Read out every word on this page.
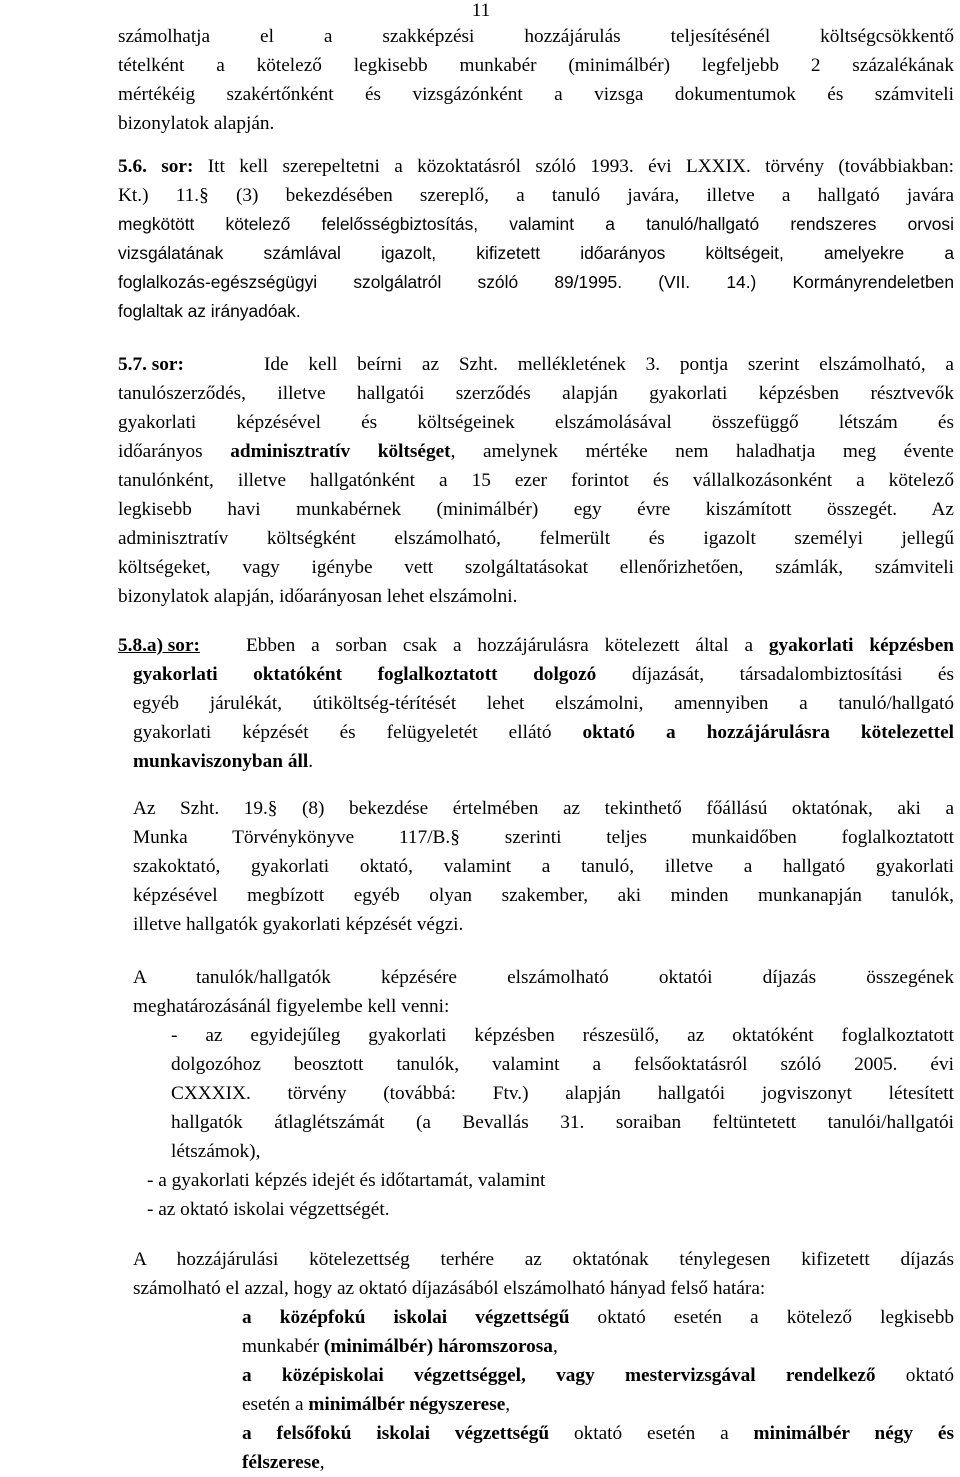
11
számolhatja el a szakképzési hozzájárulás teljesítésénél költségcsökkentő
tételként a kötelező legkisebb munkabér (minimálbér) legfeljebb 2 százalékának
mértékéig szakértőnként és vizsgázónként a vizsga dokumentumok és számviteli
bizonylatok alapján.
5.6. sor: Itt kell szerepeltetni a közoktatásról szóló 1993. évi LXXIX. törvény (továbbiakban:
Kt.) 11.§ (3) bekezdésében szereplő, a tanuló javára, illetve a hallgató javára
megkötött kötelező felelősségbiztosítás, valamint a tanuló/hallgató rendszeres orvosi
vizsgálatának számlával igazolt, kifizetett időarányos költségeit, amelyekre a
foglalkozás-egészségügyi szolgálatról szóló 89/1995. (VII. 14.) Kormányrendeletben
foglaltak az irányadóak.
5.7. sor:	Ide kell beírni az Szht. mellékletének 3. pontja szerint elszámolható, a
tanulószerződés, illetve hallgatói szerződés alapján gyakorlati képzésben résztvevők
gyakorlati képzésével és költségeinek elszámolásával összefüggő létszám és
időarányos adminisztratív költséget, amelynek mértéke nem haladhatja meg évente
tanulónként, illetve hallgatónként a 15 ezer forintot és vállalkozásonként a kötelező
legkisebb havi munkabérnek (minimálbér) egy évre kiszámított összegét. Az
adminisztratív költségként elszámolható, felmerült és igazolt személyi jellegű
költségeket, vagy igénybe vett szolgáltatásokat ellenőrizhetően, számlák, számviteli
bizonylatok alapján, időarányosan lehet elszámolni.
5.8.a) sor:	Ebben a sorban csak a hozzájárulásra kötelezett által a gyakorlati képzésben
gyakorlati oktatóként foglalkoztatott dolgozó díjazását, társadalombiztosítási és
egyéb járulékát, útiköltség-térítését lehet elszámolni, amennyiben a tanuló/hallgató
gyakorlati képzését és felügyeletét ellátó oktató a hozzájárulásra kötelezettel
munkaviszonyban áll.
Az Szht. 19.§ (8) bekezdése értelmében az tekinthető főállású oktatónak, aki a
Munka Törvénykönyve 117/B.§ szerinti teljes munkaidőben foglalkoztatott
szakoktató, gyakorlati oktató, valamint a tanuló, illetve a hallgató gyakorlati
képzésével megbízott egyéb olyan szakember, aki minden munkanapján tanulók,
illetve hallgatók gyakorlati képzését végzi.
A tanulók/hallgatók képzésére elszámolható oktatói díjazás összegének
meghatározásánál figyelembe kell venni:
- az egyidejűleg gyakorlati képzésben részesülő, az oktatóként foglalkoztatott
dolgozóhoz beosztott tanulók, valamint a felsőoktatásról szóló 2005. évi
CXXXIX. törvény (továbbá: Ftv.) alapján hallgatói jogviszonyt létesített
hallgatók átlaglétszámát (a Bevallás 31. soraiban feltüntetett tanulói/hallgatói
létszámok),
- a gyakorlati képzés idejét és időtartamát, valamint
- az oktató iskolai végzettségét.
A hozzájárulási kötelezettség terhére az oktatónak ténylegesen kifizetett díjazás
számolható el azzal, hogy az oktató díjazásából elszámolható hányad felső határa:
a középfokú iskolai végzettségű oktató esetén a kötelező legkisebb
munkabér (minimálbér) háromszorosa,
a középiskolai végzettséggel, vagy mestervizsgával rendelkező oktató
esetén a minimálbér négyszerese,
a felsőfokú iskolai végzettségű oktató esetén a minimálbér négy és
félszerese,
